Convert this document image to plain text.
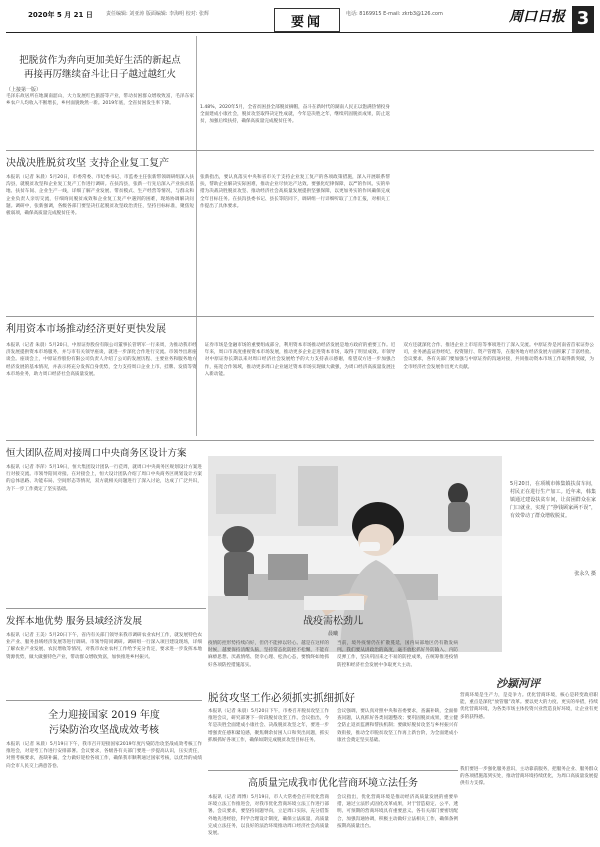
2020年 5 月 21 日	责任编辑: 刘亚涛 版面编辑: 李海明 校对: 张辉
要闻
电话: 8169915 E-mail: zkrb3@126.com	周口日报 3
把脱贫作为奔向更加美好生活的新起点
再接再厉继续奋斗让日子越过越红火
（上接第一版）
毛泽东故居所在地湖南韶山，大力发展红色旅游等产业，带动贫困群众增收致富，毛泽东家乡农户人均收入不断增长，乡村面貌焕然一新。2019年底，全省贫困发生率下降。
1.48%，2020年5月，全省贫困县全部脱贫摘帽，奋斗在新时代的湖南人民正以饱满热情投身全面建成小康社会，脱贫攻坚取得决定性成就，今年是决胜之年，继续巩固脱贫成果，防止返贫，加强后续扶持，确保高质量完成脱贫任务。
决战决胜脱贫攻坚 支持企业复工复产
本报讯（记者 朱晨）5月20日，市委常委、市纪委书记、市监委主任张新带领调研组深入扶沟县，就脱贫攻坚和企业复工复产工作进行调研。在扶沟县，张新一行先后深入产业扶贫基地、扶贫车间、企业生产一线，详细了解产业发展、带贫模式、生产经营等情况，与群众和企业负责人亲切交流，仔细询问脱贫成效和企业复工复产中遇到的困难，现场协调解决问题。调研中，张新强调，各级各部门要坚决扛起脱贫攻坚政治责任，坚持目标标准，聚焦短板弱项，确保高质量完成脱贫任务。
张新指出，要认真落实中央和省市关于支持企业复工复产的各项政策措施，深入开展联系帮扶，帮助企业解决实际困难，推动企业尽快达产达效。要强化纪律保障，以严的作风、实的举措为决战决胜脱贫攻坚、推动经济社会高质量发展提供坚强保障，以更加务实的作风确保完成全年目标任务。在扶沟县委书记、县长等陪同下，调研组一行详细听取了工作汇报，对相关工作提出了具体要求。
利用资本市场推动经济更好更快发展
本报讯（记者 朱晨）5月20日，中原证券股份有限公司董事长菅明军一行来周，为推动我市经济发展提供资本市场服务，并与市有关领导座谈，就进一步深化合作进行交流。市领导出席座谈会。座谈会上，中原证券股份有限公司负责人介绍了公司的发展历程、主要业务和服务地方经济发展的基本情况，并表示将充分发挥自身优势，全力支持周口企业上市、挂牌、发债等资本市场业务，助力周口经济社会高质量发展。
证券市场是金融市场的重要组成部分，利用资本市场推动经济发展是地方政府的重要工作。近年来，周口市高度重视资本市场发展，推动更多企业走进资本市场，取得了明显成效。市领导对中原证券长期以来对周口经济社会发展给予的大力支持表示感谢，希望双方进一步加强合作，拓宽合作领域，推动更多周口企业通过资本市场实现做大做强，为周口经济高质量发展注入新动能。
双方还就深化合作、推进企业上市培育等事项进行了深入交流。中原证券是河南省首家证券公司，业务涵盖证券经纪、投资银行、资产管理等，在服务地方经济发展方面积累了丰富经验。会议要求，各有关部门要加强与中原证券的沟通对接，共同推动资本市场工作取得新突破，为全市经济社会发展作出更大贡献。
恒大团队莅周对接周口中央商务区设计方案
本报讯（记者 李萍）5月19日，恒大集团设计团队一行莅周，就周口中央商务区规划设计方案进行对接交流。市领导陪同对接。在对接会上，恒大设计团队介绍了周口中央商务区规划设计方案的总体思路、功能布局、空间形态等情况，双方就相关问题进行了深入讨论，达成了广泛共识，为下一步工作奠定了坚实基础。
5月20日，在项城市韩集镇扶贫车间，村民正在进行生产加工。近年来，韩集镇通过建设扶贫车间，让贫困群众在家门口就业，实现了“挣钱顾家两不误”，有效带动了群众增收脱贫。
张永久 摄
发挥本地优势 服务县域经济发展
本报讯（记者 王美）5月20日下午，省内有关部门领导来我市调研农业农村工作，就发展特色农业产业、服务县域经济发展等进行调研。市领导陪同调研。调研组一行深入项目建设现场，详细了解农业产业发展、农民增收等情况，对我市农业农村工作给予充分肯定，要求进一步发挥本地资源优势，做大做强特色产业，带动群众增收致富，加快推进乡村振兴。
全力迎接国家 2019 年度
污染防治攻坚战成效考核
本报讯（记者 朱晨）5月19日下午，我市召开迎接国家2019年度污染防治攻坚战成效考核工作推进会，对迎考工作进行安排部署。会议要求，各级各有关部门要进一步提高认识，压实责任，对照考核要求，查缺补漏，全力做好迎检各项工作，确保我市顺利通过国家考核，以优异的成绩向全市人民交上满意答卷。
战疫需松劲儿
晨曦
疫情防控形势持续向好，但仍不能掉以轻心。越是在这样的时候，越要保持清醒头脑，坚持常态化防控不松懈，不能有麻痹思想、厌战情绪、侥幸心理、松劲心态，要慎终如始抓好各项防控措施落实。
当前，境外疫情仍在扩散蔓延，国内局部地区仍有散发病例。我们要从讲政治的高度，毫不放松抓好外防输入、内防反弹工作，坚决巩固来之不易的防控成果，在统筹推进疫情防控和经济社会发展中争取更大主动。
脱贫攻坚工作必须抓实抓细抓好
本报讯（记者 朱晨）5月20日下午，市委召开脱贫攻坚工作推进会议，研究部署下一阶段脱贫攻坚工作。会议指出，今年是决胜全面建成小康社会、决战脱贫攻坚之年，要进一步增强责任感和紧迫感，聚焦剩余贫困人口和突出问题，抓实抓细抓好各项工作，确保如期完成脱贫攻坚目标任务。
会议强调，要认真对照中央和省委要求，查漏补缺，全面排查问题，认真抓好各类问题整改；要巩固脱贫成果，建立健全防止返贫监测和帮扶机制；要做好脱贫攻坚与乡村振兴有效衔接，推动全市脱贫攻坚工作再上新台阶，为全面建成小康社会奠定坚实基础。
高质量完成我市优化营商环境立法任务
本报讯（记者 周博）5月19日，市人大常委会召开优化营商环境立法工作推进会，对我市优化营商环境立法工作进行部署。会议要求，要坚持问题导向，立足周口实际，充分借鉴外地先进经验，科学合理设计制度，确保立法质量，高质量完成立法任务，以良好的法治环境推动周口经济社会高质量发展。
会议指出，优化营商环境是推动经济高质量发展的重要举措，通过立法形式固化改革成果，对于营造稳定、公平、透明、可预期的营商环境具有重要意义。各有关部门要密切配合，加强沟通协调，积极主动做好立法相关工作，确保条例按期高质量出台。
沙颍河评
营商环境是生产力，是竞争力。优化营商环境，核心是转变政府职能，重点是深化“放管服”改革。要以更大的力度、更实的举措，持续优化营商环境，为各类市场主体投资兴业营造良好环境，让企业有更多的获得感。
我们要进一步强化服务意识，主动靠前服务，把服务企业、服务群众的各项措施落到实处，推动营商环境持续优化，为周口高质量发展提供有力支撑。
